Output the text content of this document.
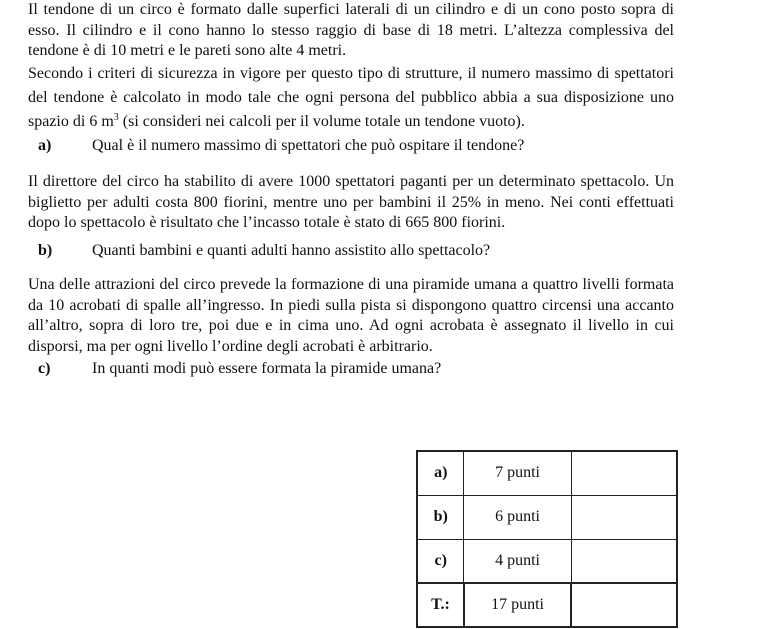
Il tendone di un circo è formato dalle superfici laterali di un cilindro e di un cono posto sopra di esso. Il cilindro e il cono hanno lo stesso raggio di base di 18 metri. L’altezza complessiva del tendone è di 10 metri e le pareti sono alte 4 metri.

Secondo i criteri di sicurezza in vigore per questo tipo di strutture, il numero massimo di spettatori del tendone è calcolato in modo tale che ogni persona del pubblico abbia a sua disposizione uno spazio di 6 $m^3$ (si consideri nei calcoli per il volume totale un tendone vuoto).

a)	Qual è il numero massimo di spettatori che può ospitare il tendone?

Il direttore del circo ha stabilito di avere 1000 spettatori paganti per un determinato spettacolo. Un biglietto per adulti costa 800 fiorini, mentre uno per bambini il 25% in meno. Nei conti effettuati dopo lo spettacolo è risultato che l’incasso totale è stato di 665 800 fiorini.

b)	Quanti bambini e quanti adulti hanno assistito allo spettacolo?

Una delle attrazioni del circo prevede la formazione di una piramide umana a quattro livelli formata da 10 acrobati di spalle all’ingresso. In piedi sulla pista si dispongono quattro circensi una accanto all’altro, sopra di loro tre, poi due e in cima uno. Ad ogni acrobata è assegnato il livello in cui disporsi, ma per ogni livello l’ordine degli acrobati è arbitrario.

c)	In quanti modi può essere formata la piramide umana?
a)	7 punti	
b)	6 punti	
c)	4 punti	
T.:	17 punti	
